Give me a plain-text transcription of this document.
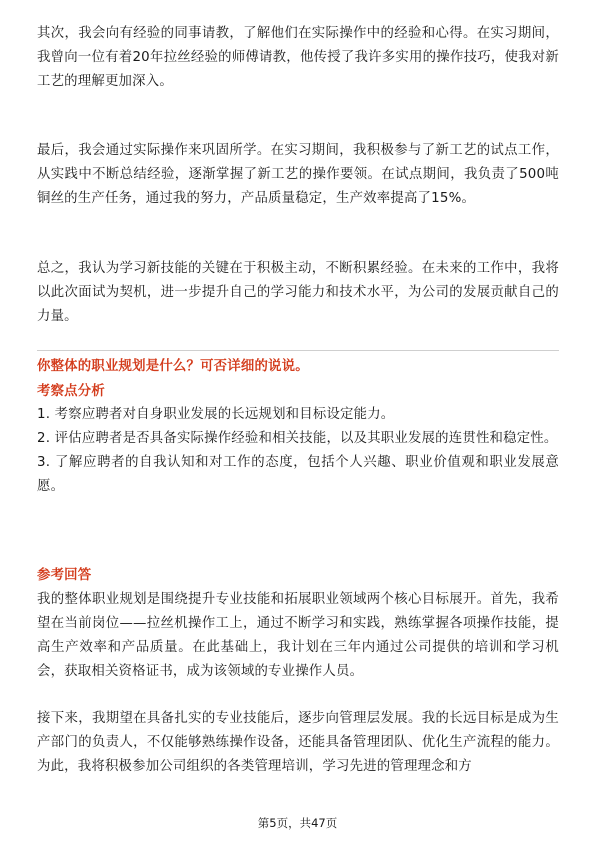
其次，我会向有经验的同事请教，了解他们在实际操作中的经验和心得。在实习期间，我曾向一位有着20年拉丝经验的师傅请教，他传授了我许多实用的操作技巧，使我对新工艺的理解更加深入。

最后，我会通过实际操作来巩固所学。在实习期间，我积极参与了新工艺的试点工作，从实践中不断总结经验，逐渐掌握了新工艺的操作要领。在试点期间，我负责了500吨铜丝的生产任务，通过我的努力，产品质量稳定，生产效率提高了15%。

总之，我认为学习新技能的关键在于积极主动，不断积累经验。在未来的工作中，我将以此次面试为契机，进一步提升自己的学习能力和技术水平，为公司的发展贡献自己的力量。

你整体的职业规划是什么？可否详细的说说。

考察点分析

1. 考察应聘者对自身职业发展的长远规划和目标设定能力。
2. 评估应聘者是否具备实际操作经验和相关技能，以及其职业发展的连贯性和稳定性。
3. 了解应聘者的自我认知和对工作的态度，包括个人兴趣、职业价值观和职业发展意愿。

参考回答

我的整体职业规划是围绕提升专业技能和拓展职业领域两个核心目标展开。首先，我希望在当前岗位——拉丝机操作工上，通过不断学习和实践，熟练掌握各项操作技能，提高生产效率和产品质量。在此基础上，我计划在三年内通过公司提供的培训和学习机会，获取相关资格证书，成为该领域的专业操作人员。

接下来，我期望在具备扎实的专业技能后，逐步向管理层发展。我的长远目标是成为生产部门的负责人，不仅能够熟练操作设备，还能具备管理团队、优化生产流程的能力。为此，我将积极参加公司组织的各类管理培训，学习先进的管理理念和方

第5页，共47页
